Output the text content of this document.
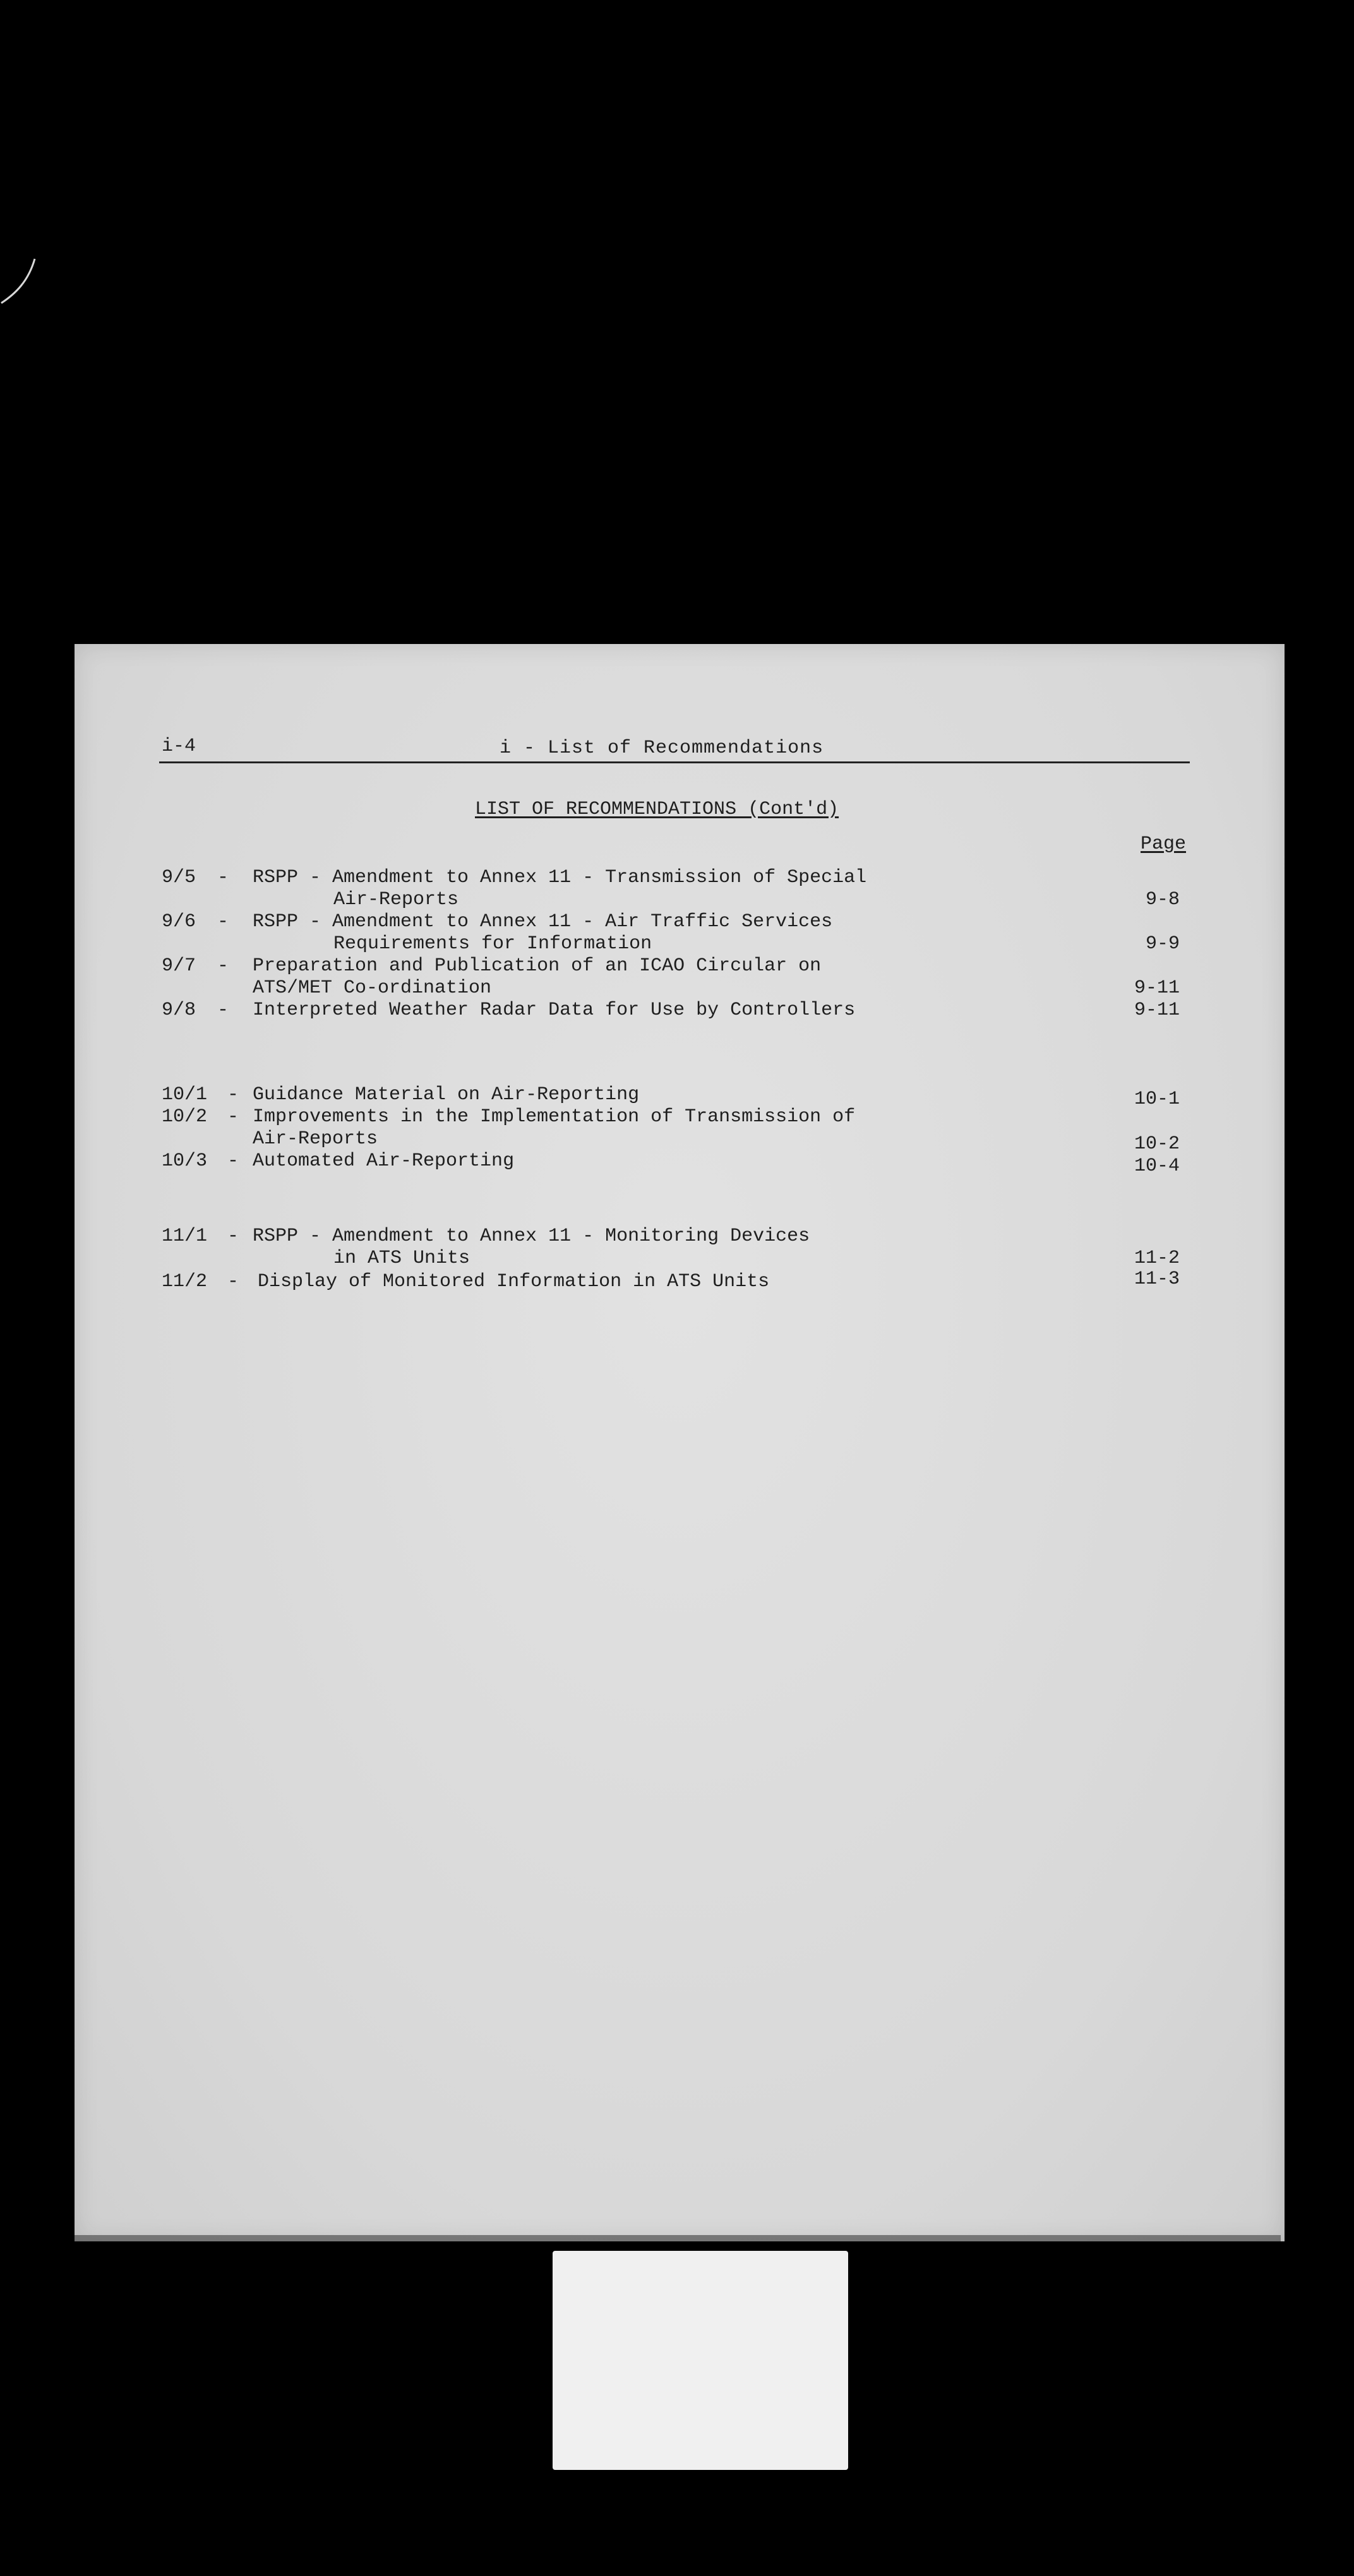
i-4	i - List of Recommendations
LIST OF RECOMMENDATIONS (Cont'd)
Page
9/5 - RSPP - Amendment to Annex 11 - Transmission of Special
Air-Reports	9-8
9/6 - RSPP - Amendment to Annex 11 - Air Traffic Services
Requirements for Information	9-9
9/7 - Preparation and Publication of an ICAO Circular on
ATS/MET Co-ordination	9-11
9/8 - Interpreted Weather Radar Data for Use by Controllers	9-11
10/1 - Guidance Material on Air-Reporting	10-1
10/2 - Improvements in the Implementation of Transmission of
Air-Reports	10-2
10/3 - Automated Air-Reporting	10-4
11/1 - RSPP - Amendment to Annex 11 - Monitoring Devices
in ATS Units	11-2
11/2 - Display of Monitored Information in ATS Units	11-3
